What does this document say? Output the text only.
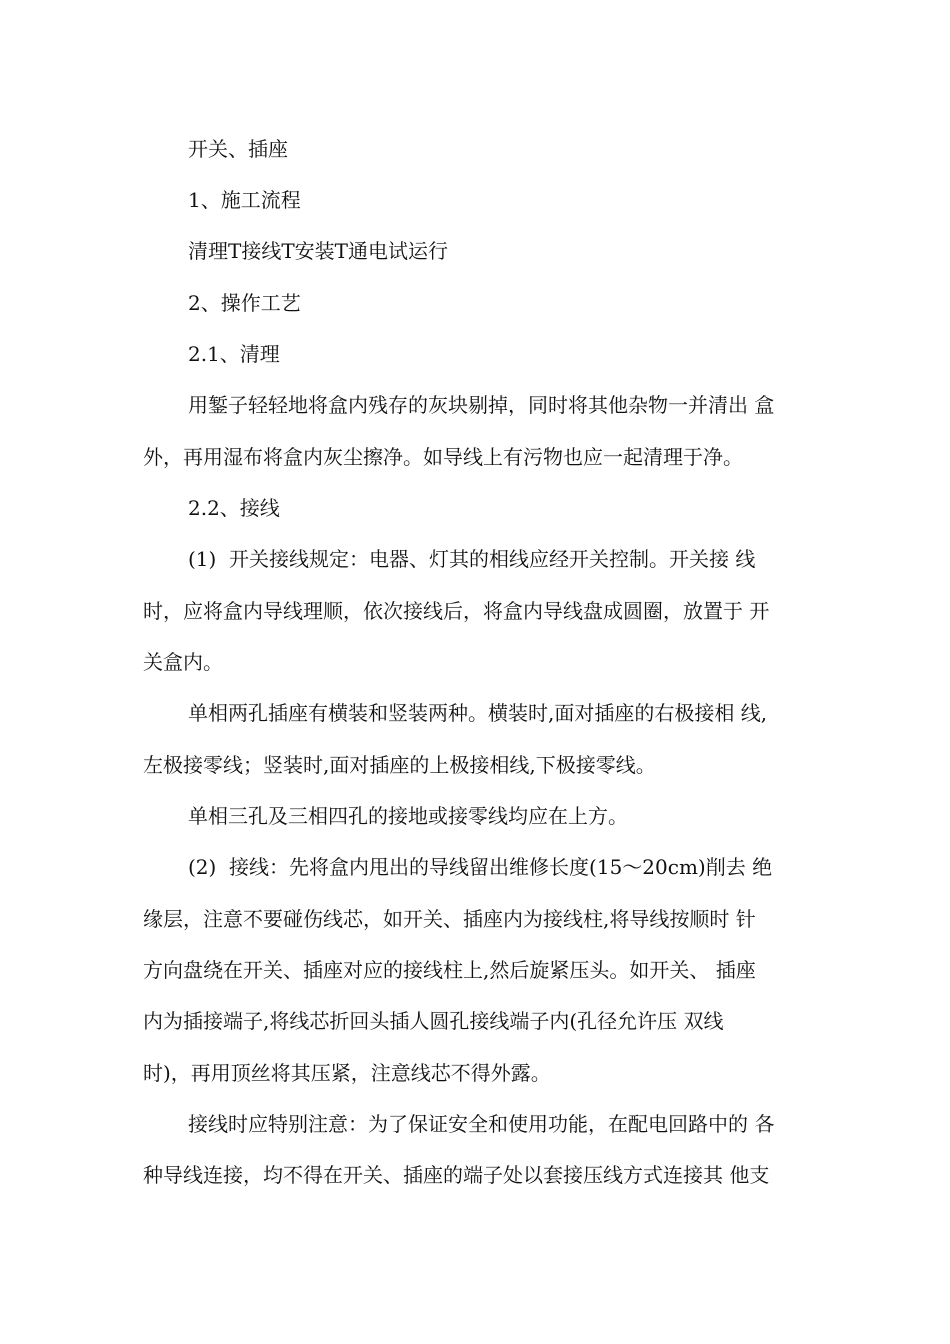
开关、插座
1、施工流程
清理T接线T安装T通电试运行
2、操作工艺
2.1、清理
用錾子轻轻地将盒内残存的灰块剔掉，同时将其他杂物一并清出 盒
外，再用湿布将盒内灰尘擦净。如导线上有污物也应一起清理于净。
2.2、接线
(1)  开关接线规定：电器、灯其的相线应经开关控制。开关接 线
时，应将盒内导线理顺，依次接线后，将盒内导线盘成圆圈，放置于 开
关盒内。
单相两孔插座有横装和竖装两种。横装时,面对插座的右极接相 线,
左极接零线；竖装时,面对插座的上极接相线,下极接零线。
单相三孔及三相四孔的接地或接零线均应在上方。
(2)  接线：先将盒内甩出的导线留出维修长度(15〜20cm)削去 绝
缘层，注意不要碰伤线芯，如开关、插座内为接线柱,将导线按顺时 针
方向盘绕在开关、插座对应的接线柱上,然后旋紧压头。如开关、 插座
内为插接端子,将线芯折回头插人圆孔接线端子内(孔径允许压 双线
时)，再用顶丝将其压紧，注意线芯不得外露。
接线时应特别注意：为了保证安全和使用功能，在配电回路中的 各
种导线连接，均不得在开关、插座的端子处以套接压线方式连接其 他支
